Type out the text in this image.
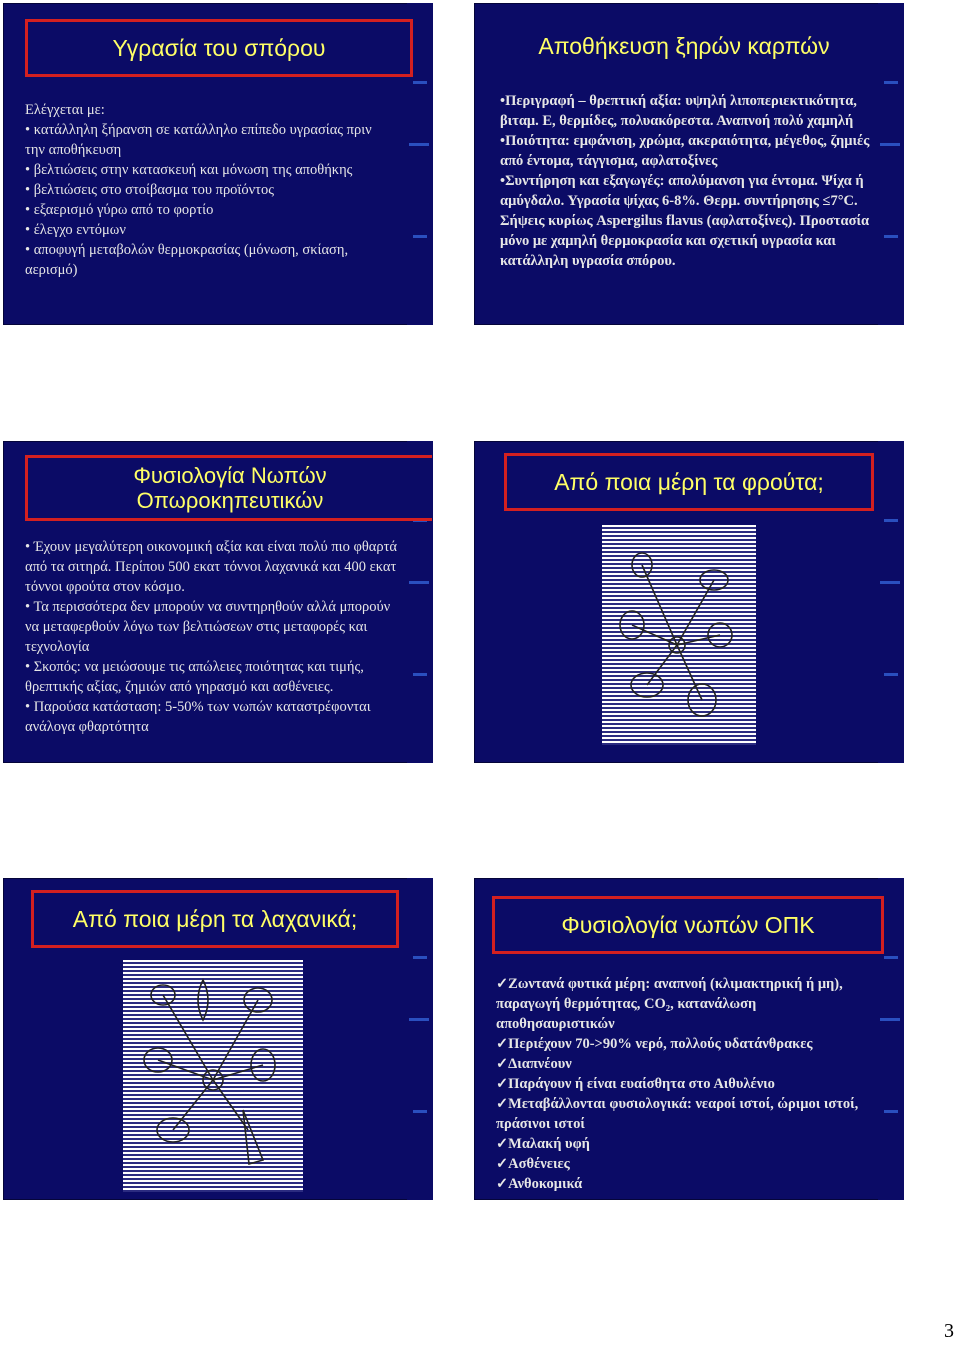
Υγρασία του σπόρου

Ελέγχεται με:

• κατάλληλη ξήρανση σε κατάλληλο επίπεδο υγρασίας πριν την αποθήκευση

• βελτιώσεις στην κατασκευή και μόνωση της αποθήκης

• βελτιώσεις στο στοίβασμα του προϊόντος

• εξαερισμό γύρω από το φορτίο

• έλεγχο εντόμων

• αποφυγή μεταβολών θερμοκρασίας (μόνωση, σκίαση, αερισμό)

Αποθήκευση ξηρών καρπών

•Περιγραφή – θρεπτική αξία: υψηλή λιποπεριεκτικότητα, βιταμ. E, θερμίδες, πολυακόρεστα. Αναπνοή πολύ χαμηλή

•Ποιότητα: εμφάνιση, χρώμα, ακεραιότητα, μέγεθος, ζημιές από έντομα, τάγγισμα, αφλατοξίνες

•Συντήρηση και εξαγωγές: απολύμανση για έντομα. Ψίχα ή αμύγδαλο. Υγρασία ψίχας 6-8%. Θερμ. συντήρησης ≤7°C. Σήψεις κυρίως Aspergilus flavus (αφλατοξίνες). Προστασία μόνο με χαμηλή θερμοκρασία και σχετική υγρασία και κατάλληλη υγρασία σπόρου.

Φυσιολογία Νωπών
Οπωροκηπευτικών

• Έχουν μεγαλύτερη οικονομική αξία και είναι πολύ πιο φθαρτά από τα σιτηρά. Περίπου 500 εκατ τόννοι λαχανικά και 400 εκατ τόννοι φρούτα στον κόσμο.

• Τα περισσότερα δεν μπορούν να συντηρηθούν αλλά μπορούν να μεταφερθούν λόγω των βελτιώσεων στις μεταφορές και τεχνολογία

• Σκοπός: να μειώσουμε τις απώλειες ποιότητας και τιμής, θρεπτικής αξίας, ζημιών από γηρασμό και ασθένειες.

• Παρούσα κατάσταση: 5-50% των νωπών καταστρέφονται ανάλογα φθαρτότητα

Από ποια μέρη τα φρούτα;
Από ποια μέρη τα λαχανικά;	Φυσιολογία νωπών ΟΠΚ

✓Ζωντανά φυτικά μέρη: αναπνοή (κλιμακτηρική ή μη), παραγωγή θερμότητας, CO₂, κατανάλωση αποθησαυριστικών

✓Περιέχουν 70->90% νερό, πολλούς υδατάνθρακες

✓Διαπνέουν

✓Παράγουν ή είναι ευαίσθητα στο Αιθυλένιο

✓Μεταβάλλονται φυσιολογικά: νεαροί ιστοί, ώριμοι ιστοί, πράσινοι ιστοί

✓Μαλακή υφή

✓Ασθένειες

✓Ανθοκομικά

3
